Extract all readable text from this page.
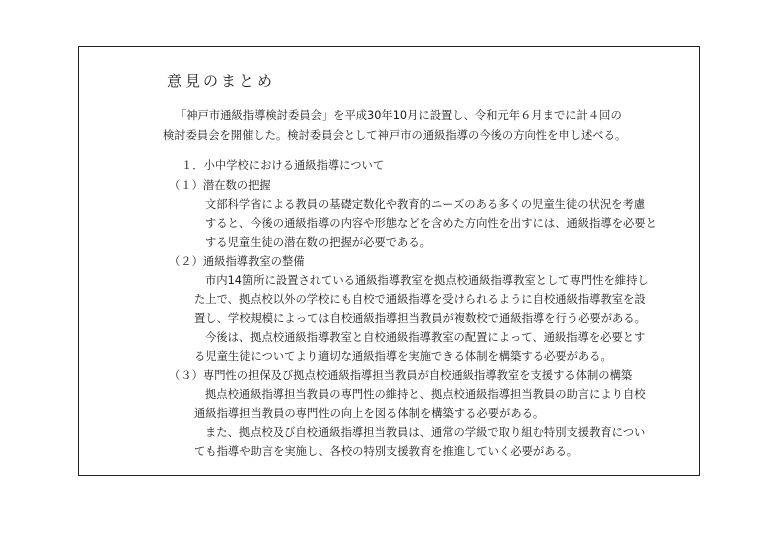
意見のまとめ

「神戸市通級指導検討委員会」を平成30年10月に設置し、令和元年６月までに計４回の

検討委員会を開催した。検討委員会として神戸市の通級指導の今後の方向性を申し述べる。

１．小中学校における通級指導について

（１）潜在数の把握

文部科学省による教員の基礎定数化や教育的ニーズのある多くの児童生徒の状況を考慮

すると、今後の通級指導の内容や形態などを含めた方向性を出すには、通級指導を必要と

する児童生徒の潜在数の把握が必要である。

（２）通級指導教室の整備

市内14箇所に設置されている通級指導教室を拠点校通級指導教室として専門性を維持し

た上で、拠点校以外の学校にも自校で通級指導を受けられるように自校通級指導教室を設

置し、学校規模によっては自校通級指導担当教員が複数校で通級指導を行う必要がある。

今後は、拠点校通級指導教室と自校通級指導教室の配置によって、通級指導を必要とす

る児童生徒についてより適切な通級指導を実施できる体制を構築する必要がある。

（３）専門性の担保及び拠点校通級指導担当教員が自校通級指導教室を支援する体制の構築

拠点校通級指導担当教員の専門性の維持と、拠点校通級指導担当教員の助言により自校

通級指導担当教員の専門性の向上を図る体制を構築する必要がある。

また、拠点校及び自校通級指導担当教員は、通常の学級で取り組む特別支援教育につい

ても指導や助言を実施し、各校の特別支援教育を推進していく必要がある。
